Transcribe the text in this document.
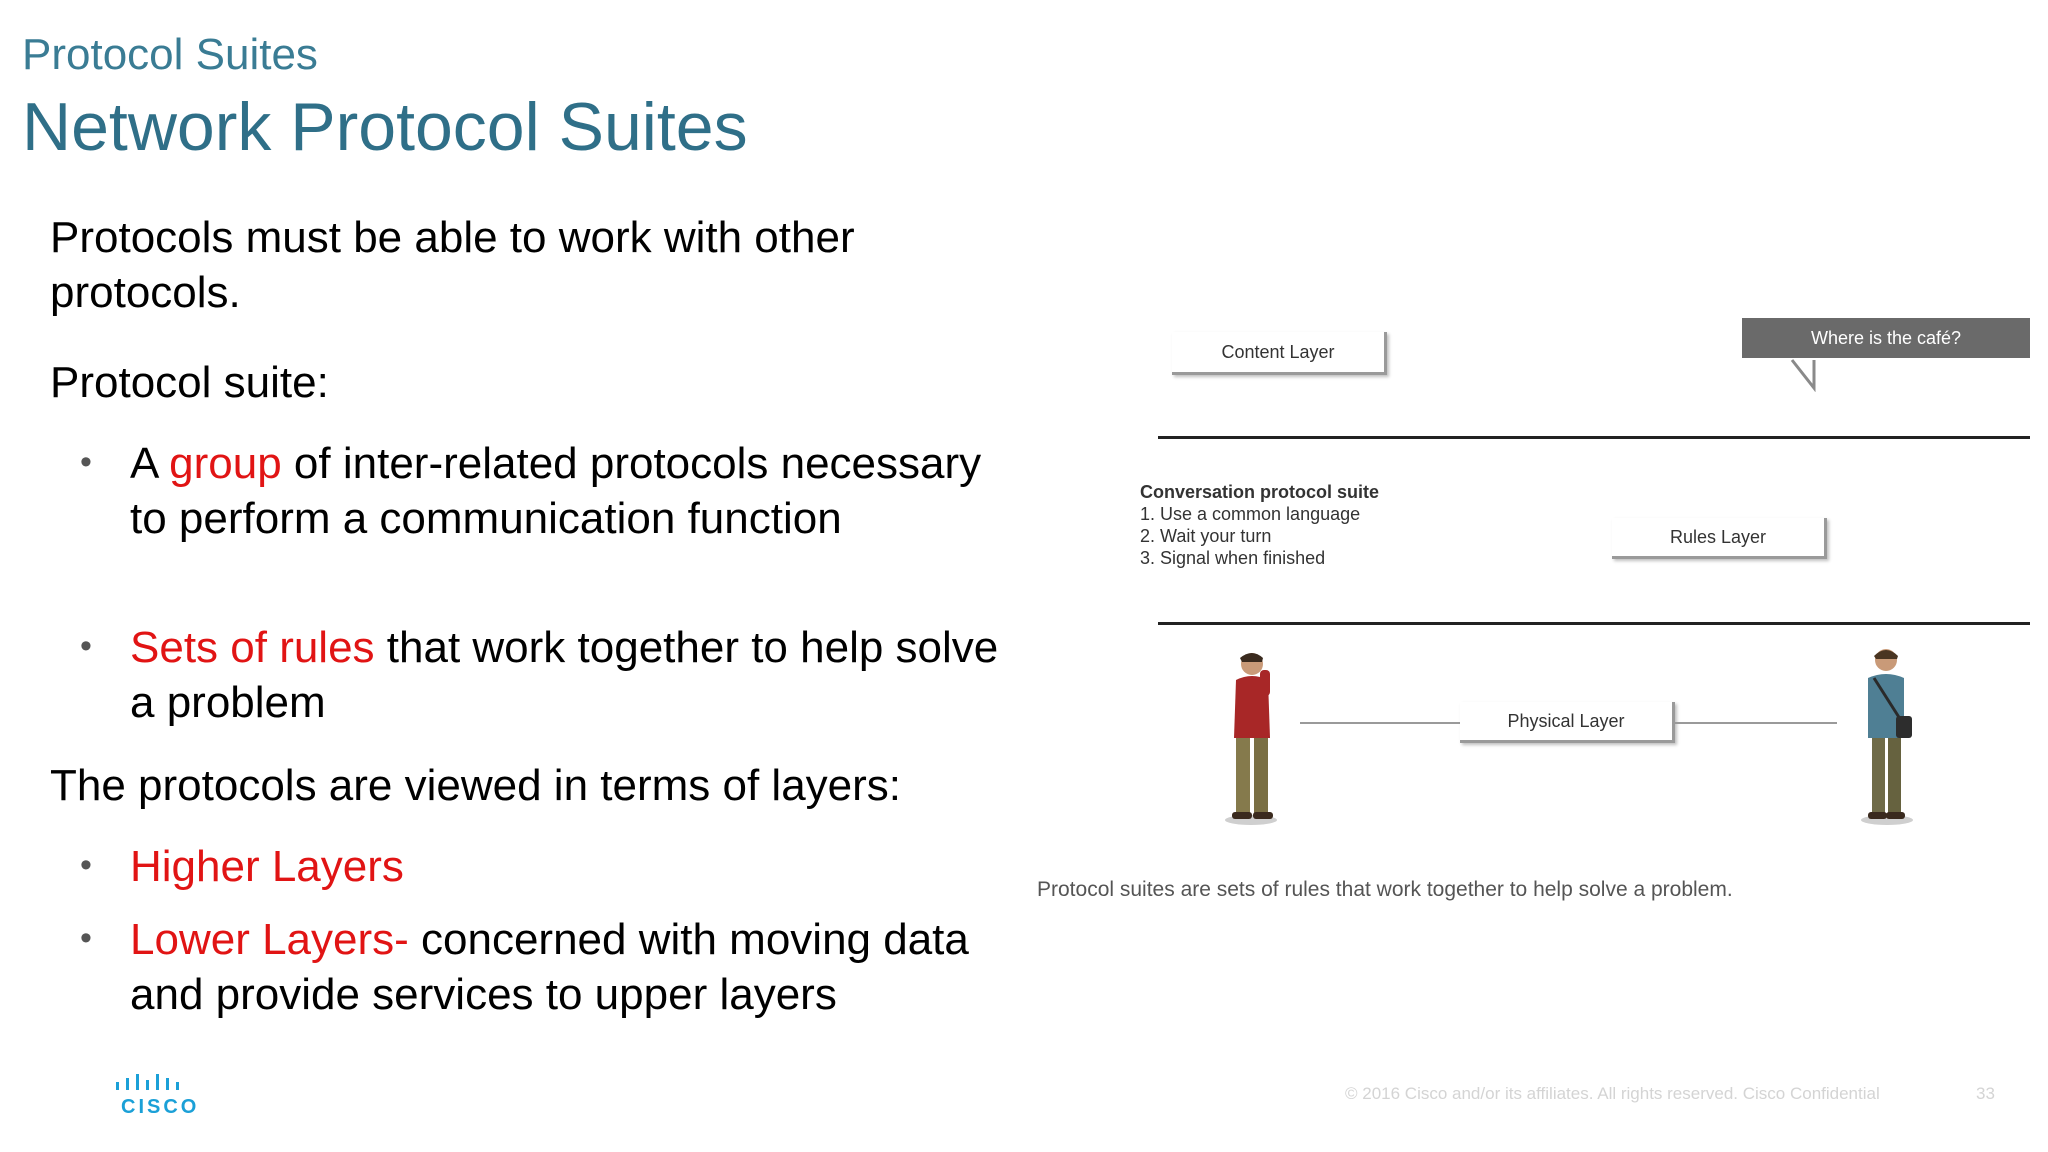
Protocol Suites
Network Protocol Suites
Protocols must be able to work with other
protocols.
Protocol suite:
• A group of inter-related protocols necessary to perform a communication function
• Sets of rules that work together to help solve a problem
The protocols are viewed in terms of layers:
• Higher Layers
• Lower Layers- concerned with moving data and provide services to upper layers
Content Layer
Where is the café?
Conversation protocol suite
1. Use a common language
2. Wait your turn
3. Signal when finished
Rules Layer
Physical Layer
Protocol suites are sets of rules that work together to help solve a problem.
CISCO
© 2016 Cisco and/or its affiliates. All rights reserved. Cisco Confidential	33
